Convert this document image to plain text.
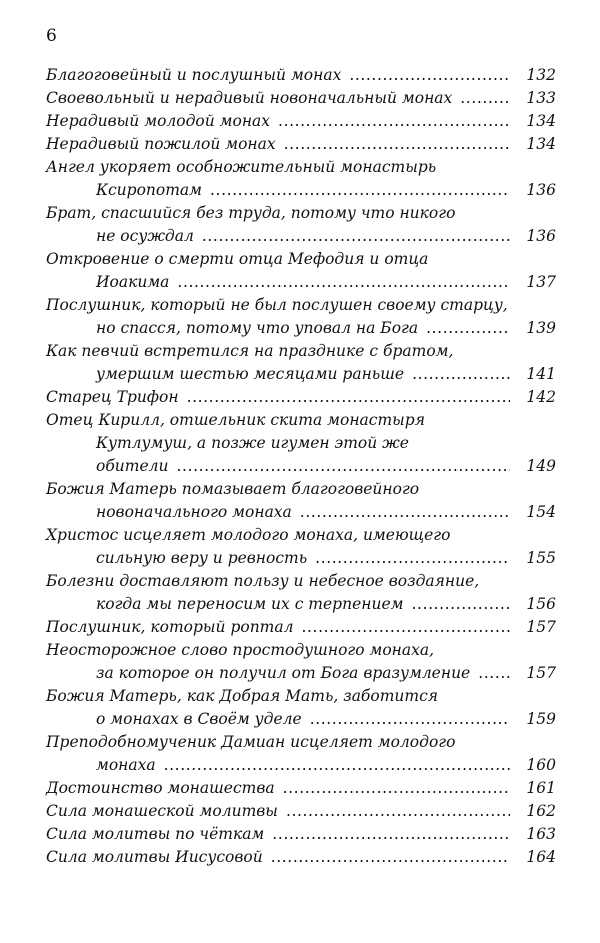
6
Благоговейный и послушный монах .....	132
Своевольный и нерадивый новоначальный монах .....	133
Нерадивый молодой монах .....	134
Нерадивый пожилой монах .....	134
Ангел укоряет особножительный монастырь
Ксиропотам .....	136
Брат, спасшийся без труда, потому что никого
не осуждал .....	136
Откровение о смерти отца Мефодия и отца
Иоакима .....	137
Послушник, который не был послушен своему старцу,
но спасся, потому что уповал на Бога .....	139
Как певчий встретился на празднике с братом,
умершим шестью месяцами раньше .....	141
Старец Трифон .....	142
Отец Кирилл, отшельник скита монастыря
Кутлумуш, а позже игумен этой же
обители .....	149
Божия Матерь помазывает благоговейного
новоначального монаха .....	154
Христос исцеляет молодого монаха, имеющего
сильную веру и ревность .....	155
Болезни доставляют пользу и небесное воздаяние,
когда мы переносим их с терпением .....	156
Послушник, который роптал .....	157
Неосторожное слово простодушного монаха,
за которое он получил от Бога вразумление .....	157
Божия Матерь, как Добрая Мать, заботится
о монахах в Своём уделе .....	159
Преподобномученик Дамиан исцеляет молодого
монаха .....	160
Достоинство монашества .....	161
Сила монашеской молитвы .....	162
Сила молитвы по чёткам .....	163
Сила молитвы Иисусовой .....	164
